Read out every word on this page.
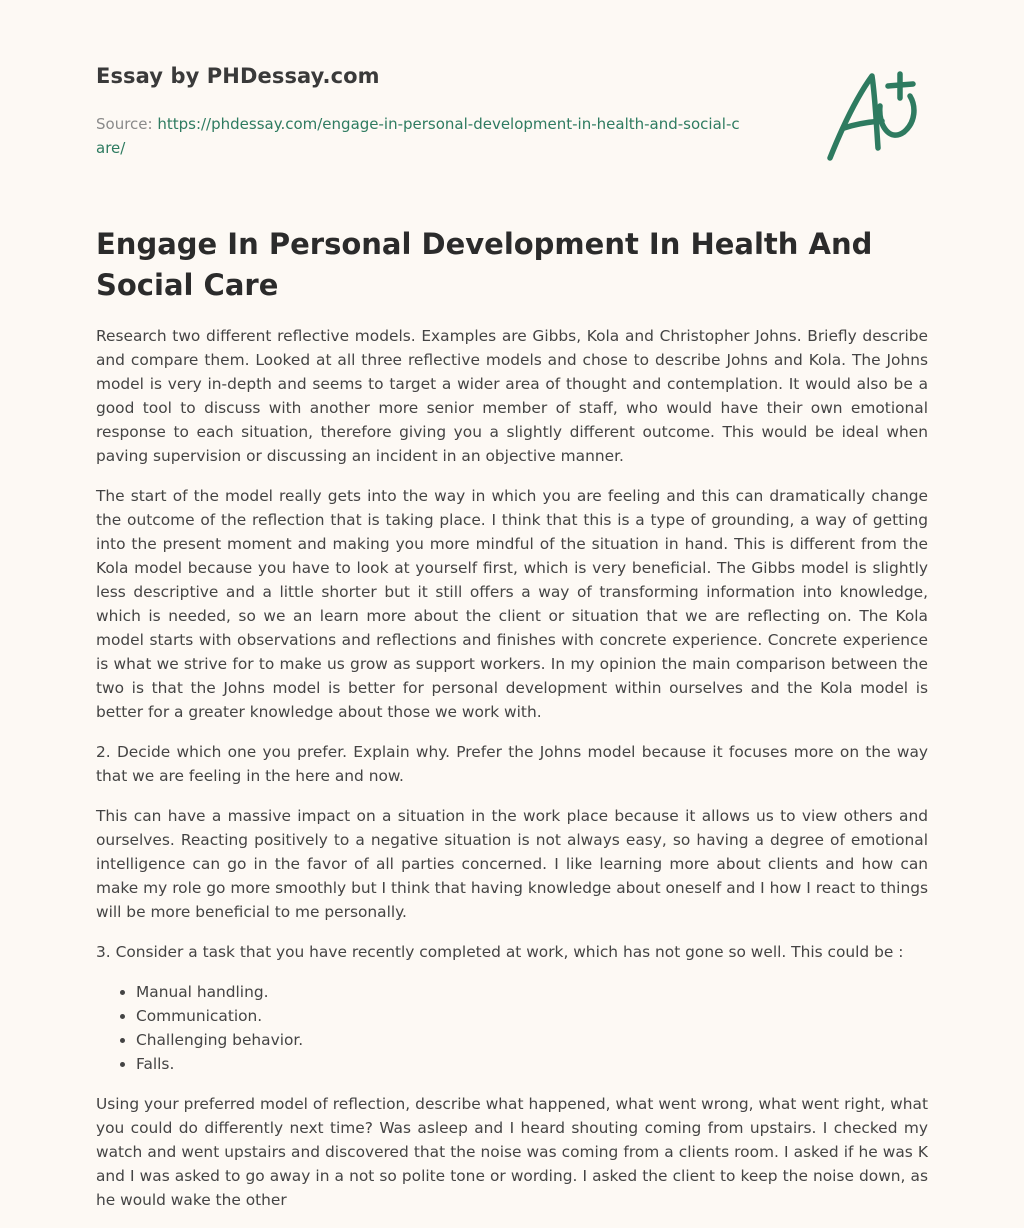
Essay by PHDessay.com
Source: https://phdessay.com/engage-in-personal-development-in-health-and-social-care/
Engage In Personal Development In Health And Social Care

Research two different reflective models. Examples are Gibbs, Kola and Christopher Johns. Briefly describe and compare them. Looked at all three reflective models and chose to describe Johns and Kola. The Johns model is very in-depth and seems to target a wider area of thought and contemplation. It would also be a good tool to discuss with another more senior member of staff, who would have their own emotional response to each situation, therefore giving you a slightly different outcome. This would be ideal when paving supervision or discussing an incident in an objective manner.

The start of the model really gets into the way in which you are feeling and this can dramatically change the outcome of the reflection that is taking place. I think that this is a type of grounding, a way of getting into the present moment and making you more mindful of the situation in hand. This is different from the Kola model because you have to look at yourself first, which is very beneficial. The Gibbs model is slightly less descriptive and a little shorter but it still offers a way of transforming information into knowledge, which is needed, so we an learn more about the client or situation that we are reflecting on. The Kola model starts with observations and reflections and finishes with concrete experience. Concrete experience is what we strive for to make us grow as support workers. In my opinion the main comparison between the two is that the Johns model is better for personal development within ourselves and the Kola model is better for a greater knowledge about those we work with.

2. Decide which one you prefer. Explain why. Prefer the Johns model because it focuses more on the way that we are feeling in the here and now.

This can have a massive impact on a situation in the work place because it allows us to view others and ourselves. Reacting positively to a negative situation is not always easy, so having a degree of emotional intelligence can go in the favor of all parties concerned. I like learning more about clients and how can make my role go more smoothly but I think that having knowledge about oneself and I how I react to things will be more beneficial to me personally.

3. Consider a task that you have recently completed at work, which has not gone so well. This could be :

• Manual handling.
• Communication.
• Challenging behavior.
• Falls.

Using your preferred model of reflection, describe what happened, what went wrong, what went right, what you could do differently next time? Was asleep and I heard shouting coming from upstairs. I checked my watch and went upstairs and discovered that the noise was coming from a clients room. I asked if he was K and I was asked to go away in a not so polite tone or wording. I asked the client to keep the noise down, as he would wake the other
